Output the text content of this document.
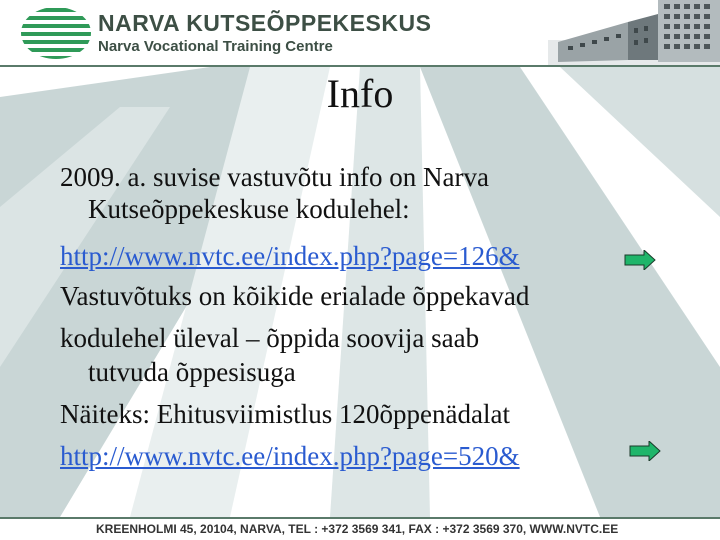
NARVA KUTSEÕPPEKESKUS
Narva Vocational Training Centre
Info
2009. a. suvise vastuvõtu info on Narva
Kutseõppekeskuse kodulehel:
http://www.nvtc.ee/index.php?page=126&
Vastuvõtuks on kõikide erialade õppekavad
kodulehel üleval – õppida soovija saab
tutvuda õppesisuga
Näiteks: Ehitusviimistlus 120õppenädalat
http://www.nvtc.ee/index.php?page=520&
KREENHOLMI 45, 20104, NARVA, TEL : +372 3569 341, FAX : +372 3569 370, WWW.NVTC.EE
